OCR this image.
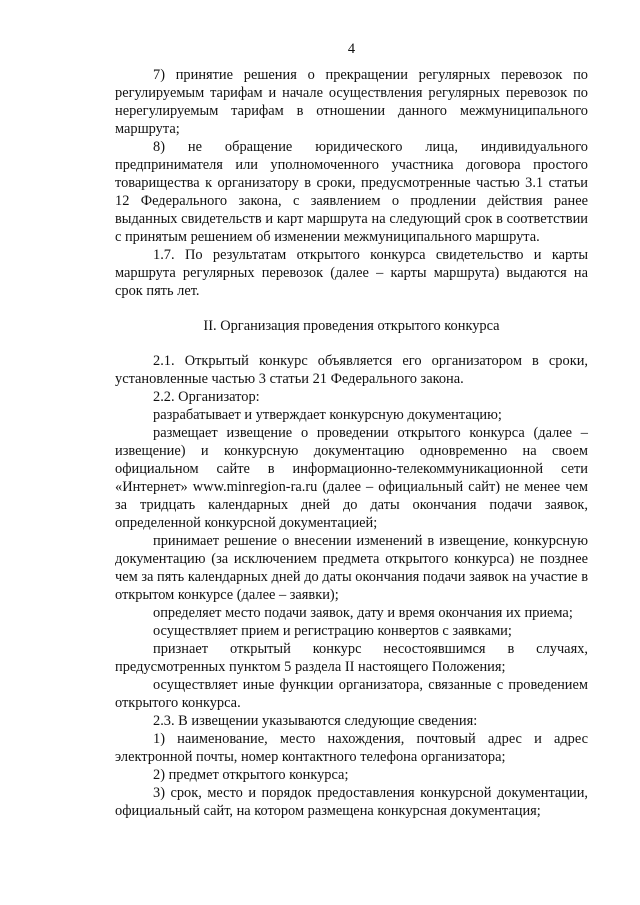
4

7) принятие решения о прекращении регулярных перевозок по регулируемым тарифам и начале осуществления регулярных перевозок по нерегулируемым тарифам в отношении данного межмуниципального маршрута;

8) не обращение юридического лица, индивидуального предпринимателя или уполномоченного участника договора простого товарищества к организатору в сроки, предусмотренные частью 3.1 статьи 12 Федерального закона, с заявлением о продлении действия ранее выданных свидетельств и карт маршрута на следующий срок в соответствии с принятым решением об изменении межмуниципального маршрута.

1.7. По результатам открытого конкурса свидетельство и карты маршрута регулярных перевозок (далее – карты маршрута) выдаются на срок пять лет.

II. Организация проведения открытого конкурса

2.1. Открытый конкурс объявляется его организатором в сроки, установленные частью 3 статьи 21 Федерального закона.

2.2. Организатор:

разрабатывает и утверждает конкурсную документацию;

размещает извещение о проведении открытого конкурса (далее – извещение) и конкурсную документацию одновременно на своем официальном сайте в информационно-телекоммуникационной сети «Интернет» www.minregion-ra.ru (далее – официальный сайт) не менее чем за тридцать календарных дней до даты окончания подачи заявок, определенной конкурсной документацией;

принимает решение о внесении изменений в извещение, конкурсную документацию (за исключением предмета открытого конкурса) не позднее чем за пять календарных дней до даты окончания подачи заявок на участие в открытом конкурсе (далее – заявки);

определяет место подачи заявок, дату и время окончания их приема;

осуществляет прием и регистрацию конвертов с заявками;

признает открытый конкурс несостоявшимся в случаях, предусмотренных пунктом 5 раздела II настоящего Положения;

осуществляет иные функции организатора, связанные с проведением открытого конкурса.

2.3. В извещении указываются следующие сведения:

1) наименование, место нахождения, почтовый адрес и адрес электронной почты, номер контактного телефона организатора;

2) предмет открытого конкурса;

3) срок, место и порядок предоставления конкурсной документации, официальный сайт, на котором размещена конкурсная документация;
